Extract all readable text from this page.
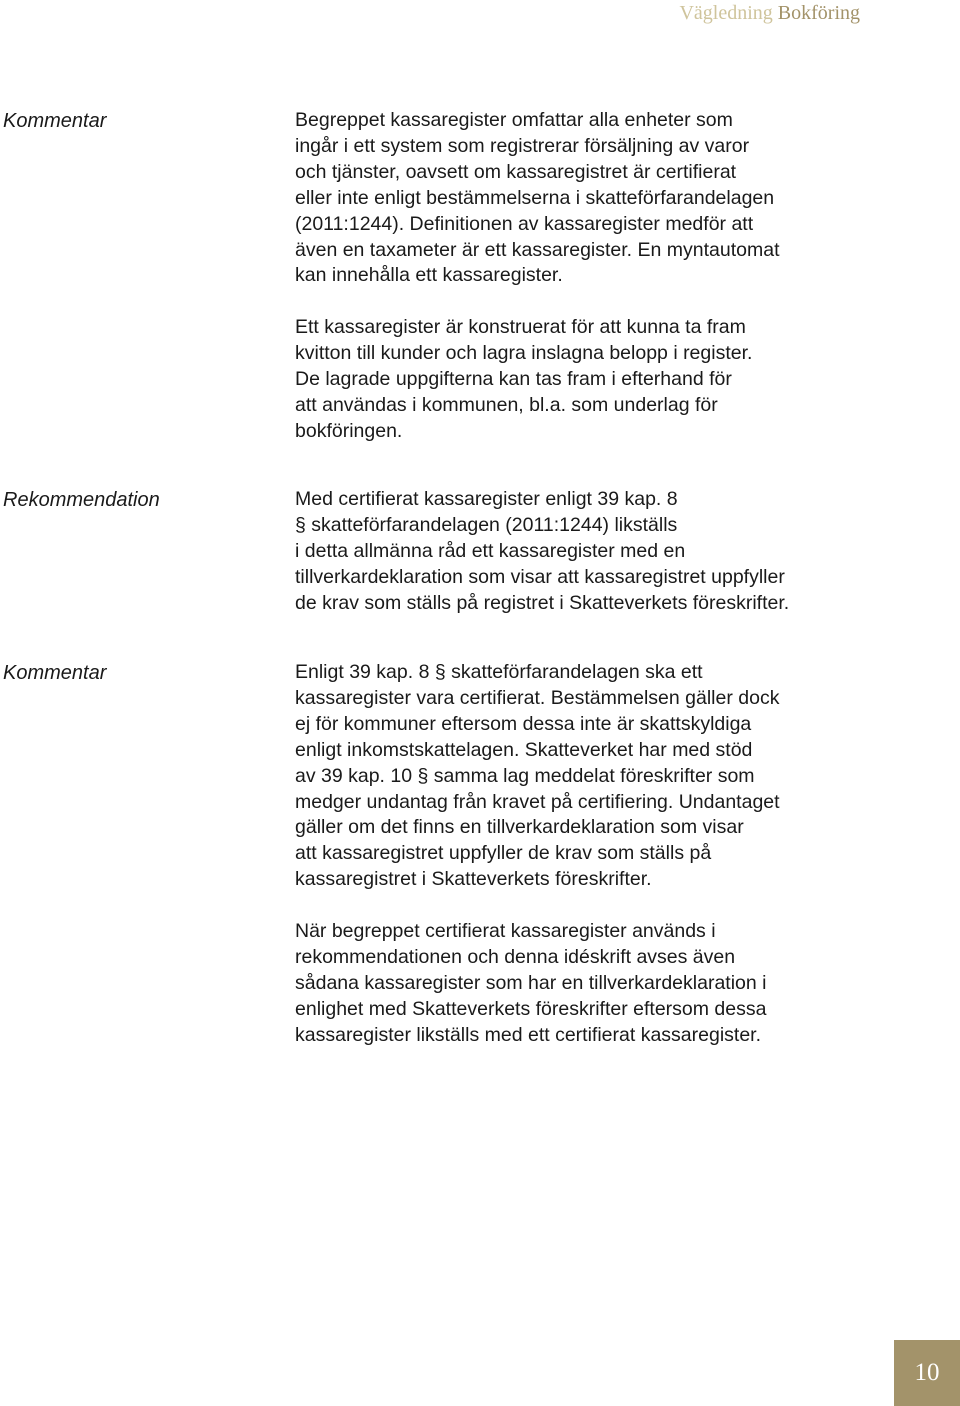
Vägledning Bokföring
Kommentar	Begreppet kassaregister omfattar alla enheter som
ingår i ett system som registrerar försäljning av varor
och tjänster, oavsett om kassaregistret är certifierat
eller inte enligt bestämmelserna i skatteförfarandelagen
(2011:1244). Definitionen av kassaregister medför att
även en taxameter är ett kassaregister. En myntautomat
kan innehålla ett kassaregister.

Ett kassaregister är konstruerat för att kunna ta fram
kvitton till kunder och lagra inslagna belopp i register.
De lagrade uppgifterna kan tas fram i efterhand för
att användas i kommunen, bl.a. som underlag för
bokföringen.

Rekommendation	Med certifierat kassaregister enligt 39 kap. 8
§ skatteförfarandelagen (2011:1244) likställs
i detta allmänna råd ett kassaregister med en
tillverkardeklaration som visar att kassaregistret uppfyller
de krav som ställs på registret i Skatteverkets föreskrifter.

Kommentar	Enligt 39 kap. 8 § skatteförfarandelagen ska ett
kassaregister vara certifierat. Bestämmelsen gäller dock
ej för kommuner eftersom dessa inte är skattskyldiga
enligt inkomstskattelagen. Skatteverket har med stöd
av 39 kap. 10 § samma lag meddelat föreskrifter som
medger undantag från kravet på certifiering. Undantaget
gäller om det finns en tillverkardeklaration som visar
att kassaregistret uppfyller de krav som ställs på
kassaregistret i Skatteverkets föreskrifter.

När begreppet certifierat kassaregister används i
rekommendationen och denna idéskrift avses även
sådana kassaregister som har en tillverkardeklaration i
enlighet med Skatteverkets föreskrifter eftersom dessa
kassaregister likställs med ett certifierat kassaregister.

10
